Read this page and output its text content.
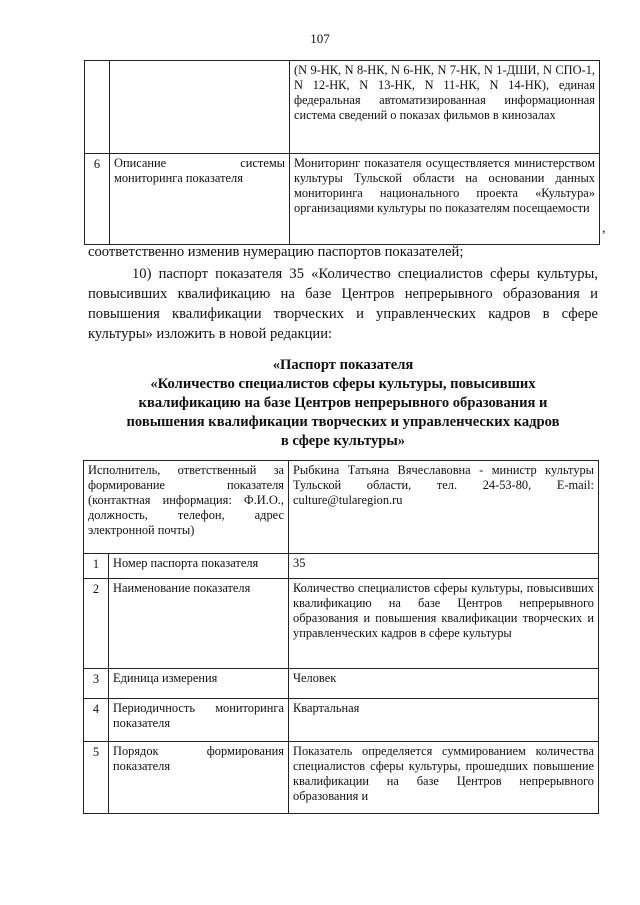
107
		(N 9-НК, N 8-НК, N 6-НК, N 7-НК, N 1-ДШИ, N СПО-1, N 12-НК, N 13-НК, N 11-НК, N 14-НК), единая федеральная автоматизированная информационная система сведений о показах фильмов в кинозалах
6	Описание системы мониторинга показателя	Мониторинг показателя осуществляется министерством культуры Тульской области на основании данных мониторинга национального проекта «Культура» организациями культуры по показателям посещаемости
,
соответственно изменив нумерацию паспортов показателей;
10) паспорт показателя 35 «Количество специалистов сферы культуры, повысивших квалификацию на базе Центров непрерывного образования и повышения квалификации творческих и управленческих кадров в сфере культуры» изложить в новой редакции:
«Паспорт показателя
«Количество специалистов сферы культуры, повысивших
квалификацию на базе Центров непрерывного образования и
повышения квалификации творческих и управленческих кадров
в сфере культуры»
Исполнитель, ответственный за формирование показателя (контактная информация: Ф.И.О., должность, телефон, адрес электронной почты)		Рыбкина Татьяна Вячеславовна - министр культуры Тульской области, тел. 24-53-80, E-mail: culture@tularegion.ru
1	Номер паспорта показателя	35
2	Наименование показателя	Количество специалистов сферы культуры, повысивших квалификацию на базе Центров непрерывного образования и повышения квалификации творческих и управленческих кадров в сфере культуры
3	Единица измерения	Человек
4	Периодичность мониторинга показателя	Квартальная
5	Порядок формирования показателя	Показатель определяется суммированием количества специалистов сферы культуры, прошедших повышение квалификации на базе Центров непрерывного образования и
